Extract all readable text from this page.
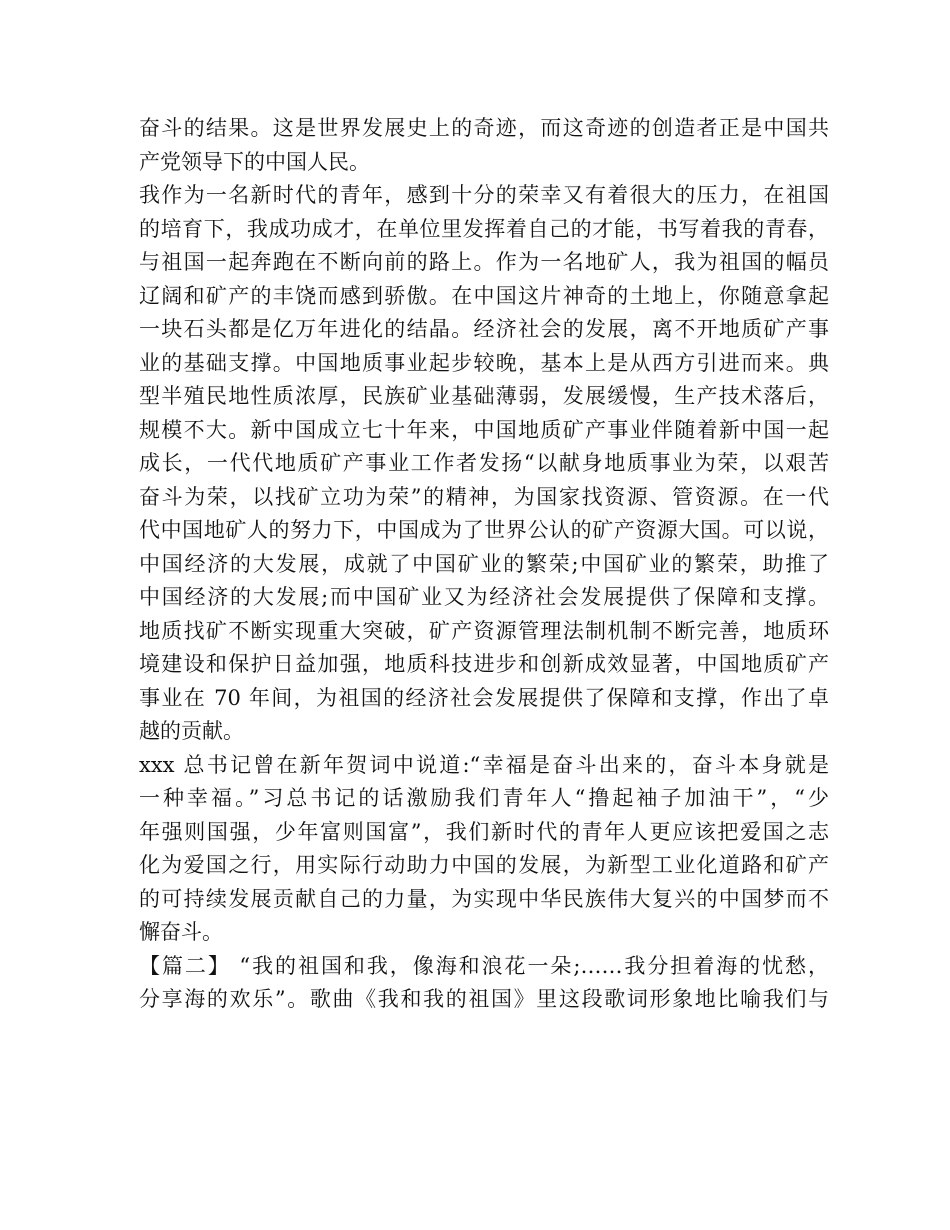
奋斗的结果。这是世界发展史上的奇迹，而这奇迹的创造者正是中国共
产党领导下的中国人民。
我作为一名新时代的青年，感到十分的荣幸又有着很大的压力，在祖国
的培育下，我成功成才，在单位里发挥着自己的才能，书写着我的青春，
与祖国一起奔跑在不断向前的路上。作为一名地矿人，我为祖国的幅员
辽阔和矿产的丰饶而感到骄傲。在中国这片神奇的土地上，你随意拿起
一块石头都是亿万年进化的结晶。经济社会的发展，离不开地质矿产事
业的基础支撑。中国地质事业起步较晚，基本上是从西方引进而来。典
型半殖民地性质浓厚，民族矿业基础薄弱，发展缓慢，生产技术落后，
规模不大。新中国成立七十年来，中国地质矿产事业伴随着新中国一起
成长，一代代地质矿产事业工作者发扬“以献身地质事业为荣，以艰苦
奋斗为荣，以找矿立功为荣”的精神，为国家找资源、管资源。在一代
代中国地矿人的努力下，中国成为了世界公认的矿产资源大国。可以说，
中国经济的大发展，成就了中国矿业的繁荣;中国矿业的繁荣，助推了
中国经济的大发展;而中国矿业又为经济社会发展提供了保障和支撑。
地质找矿不断实现重大突破，矿产资源管理法制机制不断完善，地质环
境建设和保护日益加强，地质科技进步和创新成效显著，中国地质矿产
事业在 70 年间，为祖国的经济社会发展提供了保障和支撑，作出了卓
越的贡献。
xxx 总书记曾在新年贺词中说道:“幸福是奋斗出来的，奋斗本身就是
一种幸福。”习总书记的话激励我们青年人“撸起袖子加油干”，“少
年强则国强，少年富则国富”，我们新时代的青年人更应该把爱国之志
化为爱国之行，用实际行动助力中国的发展，为新型工业化道路和矿产
的可持续发展贡献自己的力量，为实现中华民族伟大复兴的中国梦而不
懈奋斗。
【篇二】 “我的祖国和我，像海和浪花一朵;……我分担着海的忧愁，
分享海的欢乐”。歌曲《我和我的祖国》里这段歌词形象地比喻我们与
